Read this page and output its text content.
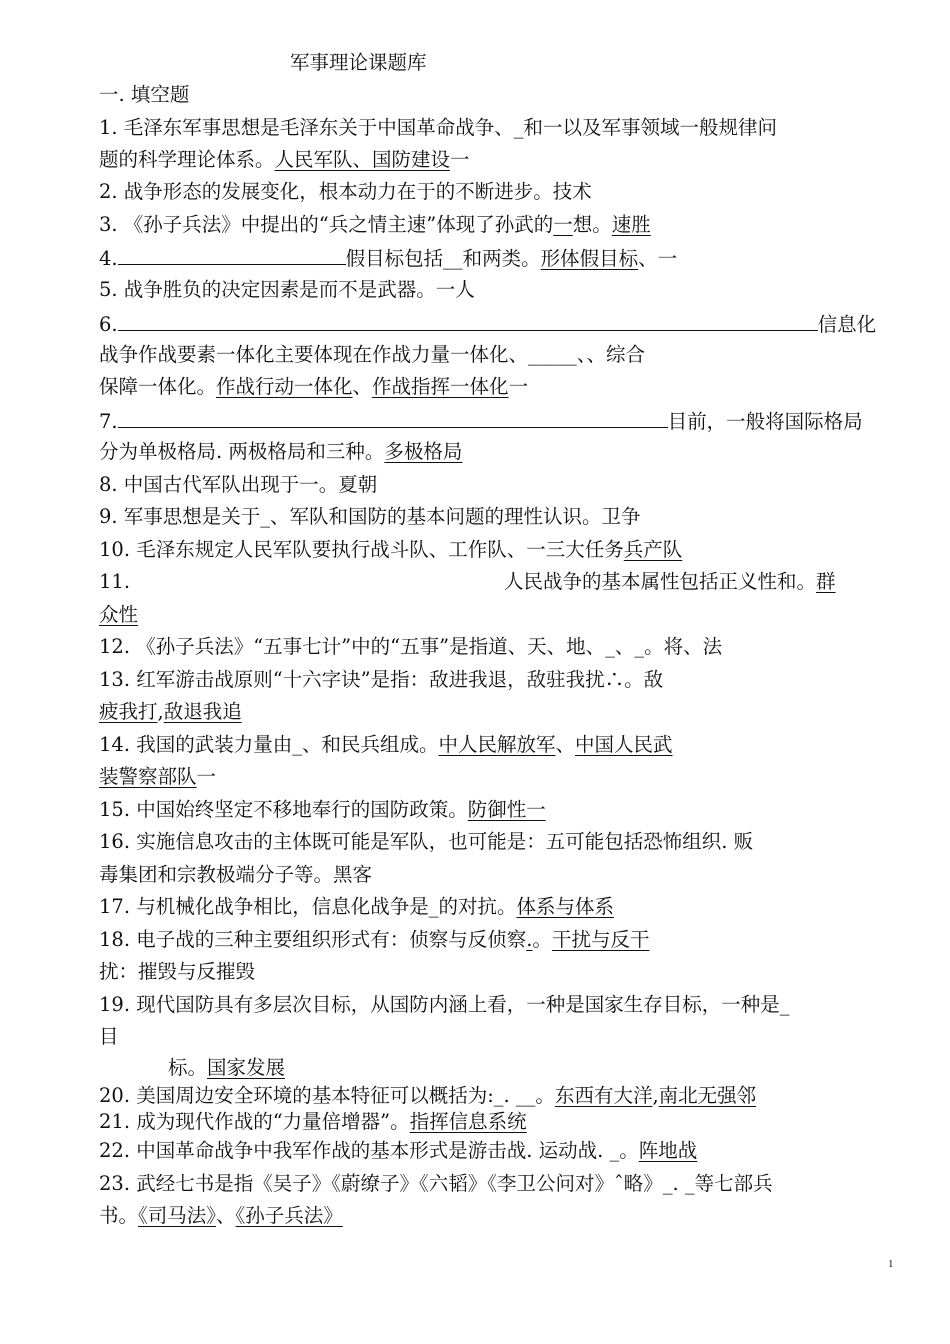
军事理论课题库
一. 填空题
1. 毛泽东军事思想是毛泽东关于中国革命战争、_和一以及军事领域一般规律问
题的科学理论体系。人民军队、国防建设一
2. 战争形态的发展变化，根本动力在于的不断进步。技术
3. 《孙子兵法》中提出的“兵之情主速”体现了孙武的一想。速胜
4.	假目标包括__和两类。形体假目标、一
5. 战争胜负的决定因素是而不是武器。一人
6.	信息化
战争作战要素一体化主要体现在作战力量一体化、_____、、综合
保障一体化。作战行动一体化、作战指挥一体化一
7.	目前，一般将国际格局
分为单极格局. 两极格局和三种。多极格局
8. 中国古代军队出现于一。夏朝
9. 军事思想是关于_、军队和国防的基本问题的理性认识。卫争
10. 毛泽东规定人民军队要执行战斗队、工作队、一三大任务兵产队
11.	人民战争的基本属性包括正义性和。群
众性
12. 《孙子兵法》“五事七计”中的“五事”是指道、天、地、_、_。将、法
13. 红军游击战原则“十六字诀”是指：敌进我退，敌驻我扰∴。敌
疲我打,敌退我追
14. 我国的武装力量由_、和民兵组成。中人民解放军、中国人民武
装警察部队一
15. 中国始终坚定不移地奉行的国防政策。防御性一
16. 实施信息攻击的主体既可能是军队，也可能是：五可能包括恐怖组织. 贩
毒集团和宗教极端分子等。黑客
17. 与机械化战争相比，信息化战争是_的对抗。体系与体系
18. 电子战的三种主要组织形式有：侦察与反侦察.。干扰与反干
扰：摧毁与反摧毁
19. 现代国防具有多层次目标，从国防内涵上看，一种是国家生存目标，一种是_
目
标。国家发展
20. 美国周边安全环境的基本特征可以概括为:_. __。东西有大洋,南北无强邻
21. 成为现代作战的“力量倍增器”。指挥信息系统
22. 中国革命战争中我军作战的基本形式是游击战. 运动战. _。阵地战
23. 武经七书是指《吴子》《蔚缭子》《六韬》《李卫公问对》ˆ略》_. _等七部兵
书。《司马法》、《孙子兵法》
1
